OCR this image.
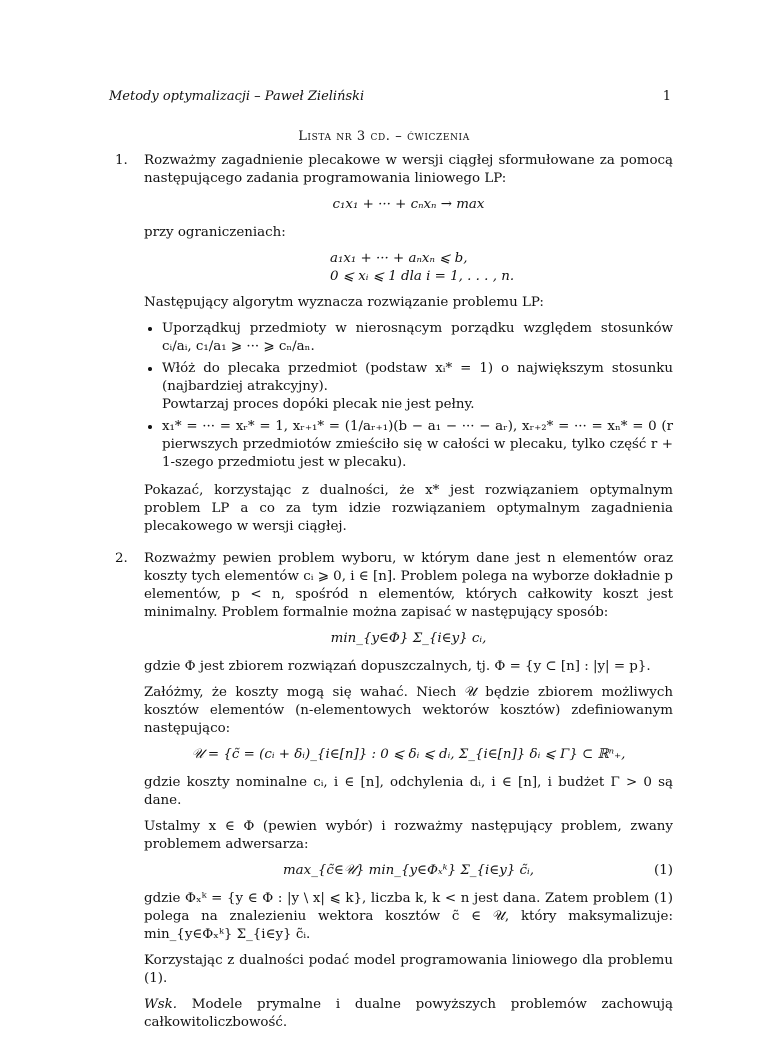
Metody optymalizacji – Paweł Zieliński	1
Lista nr 3 cd. – ćwiczenia
1. Rozważmy zagadnienie plecakowe w wersji ciągłej sformułowane za pomocą następującego zadania programowania liniowego LP:

c₁x₁ + ··· + cₙxₙ → max

przy ograniczeniach:

a₁x₁ + ··· + aₙxₙ ⩽ b,
0 ⩽ xᵢ ⩽ 1 dla i = 1, . . . , n.

Następujący algorytm wyznacza rozwiązanie problemu LP:

• Uporządkuj przedmioty w nierosnącym porządku względem stosunków cᵢ/aᵢ, c₁/a₁ ⩾ ··· ⩾ cₙ/aₙ.
• Włóż do plecaka przedmiot (podstaw xᵢ* = 1) o największym stosunku (najbardziej atrakcyjny).
Powtarzaj proces dopóki plecak nie jest pełny.
• x₁* = ··· = xᵣ* = 1, xᵣ₊₁* = (1/aᵣ₊₁)(b − a₁ − ··· − aᵣ), xᵣ₊₂* = ··· = xₙ* = 0 (r pierwszych przedmiotów zmieściło się w całości w plecaku, tylko część r + 1-szego przedmiotu jest w plecaku).

Pokazać, korzystając z dualności, że x* jest rozwiązaniem optymalnym problem LP a co za tym idzie rozwiązaniem optymalnym zagadnienia plecakowego w wersji ciągłej.

2. Rozważmy pewien problem wyboru, w którym dane jest n elementów oraz koszty tych elementów cᵢ ⩾ 0, i ∈ [n]. Problem polega na wyborze dokładnie p elementów, p < n, spośród n elementów, których całkowity koszt jest minimalny. Problem formalnie można zapisać w następujący sposób:

min_{y∈Φ} Σ_{i∈y} cᵢ,

gdzie Φ jest zbiorem rozwiązań dopuszczalnych, tj. Φ = {y ⊂ [n] : |y| = p}.

Załóżmy, że koszty mogą się wahać. Niech 𝒰 będzie zbiorem możliwych kosztów elementów (n-elementowych wektorów kosztów) zdefiniowanym następująco:

𝒰 = {c̃ = (cᵢ + δᵢ)_{i∈[n]} : 0 ⩽ δᵢ ⩽ dᵢ, Σ_{i∈[n]} δᵢ ⩽ Γ} ⊂ ℝⁿ₊,

gdzie koszty nominalne cᵢ, i ∈ [n], odchylenia dᵢ, i ∈ [n], i budżet Γ > 0 są dane.

Ustalmy x ∈ Φ (pewien wybór) i rozważmy następujący problem, zwany problemem adwersarza:

max_{c̃∈𝒰} min_{y∈Φₓᵏ} Σ_{i∈y} c̃ᵢ,	(1)

gdzie Φₓᵏ = {y ∈ Φ : |y \ x| ⩽ k}, liczba k, k < n jest dana. Zatem problem (1) polega na znalezieniu wektora kosztów c̃ ∈ 𝒰, który maksymalizuje: min_{y∈Φₓᵏ} Σ_{i∈y} c̃ᵢ.

Korzystając z dualności podać model programowania liniowego dla problemu (1).

Wsk. Modele prymalne i dualne powyższych problemów zachowują całkowitoliczbowość.
